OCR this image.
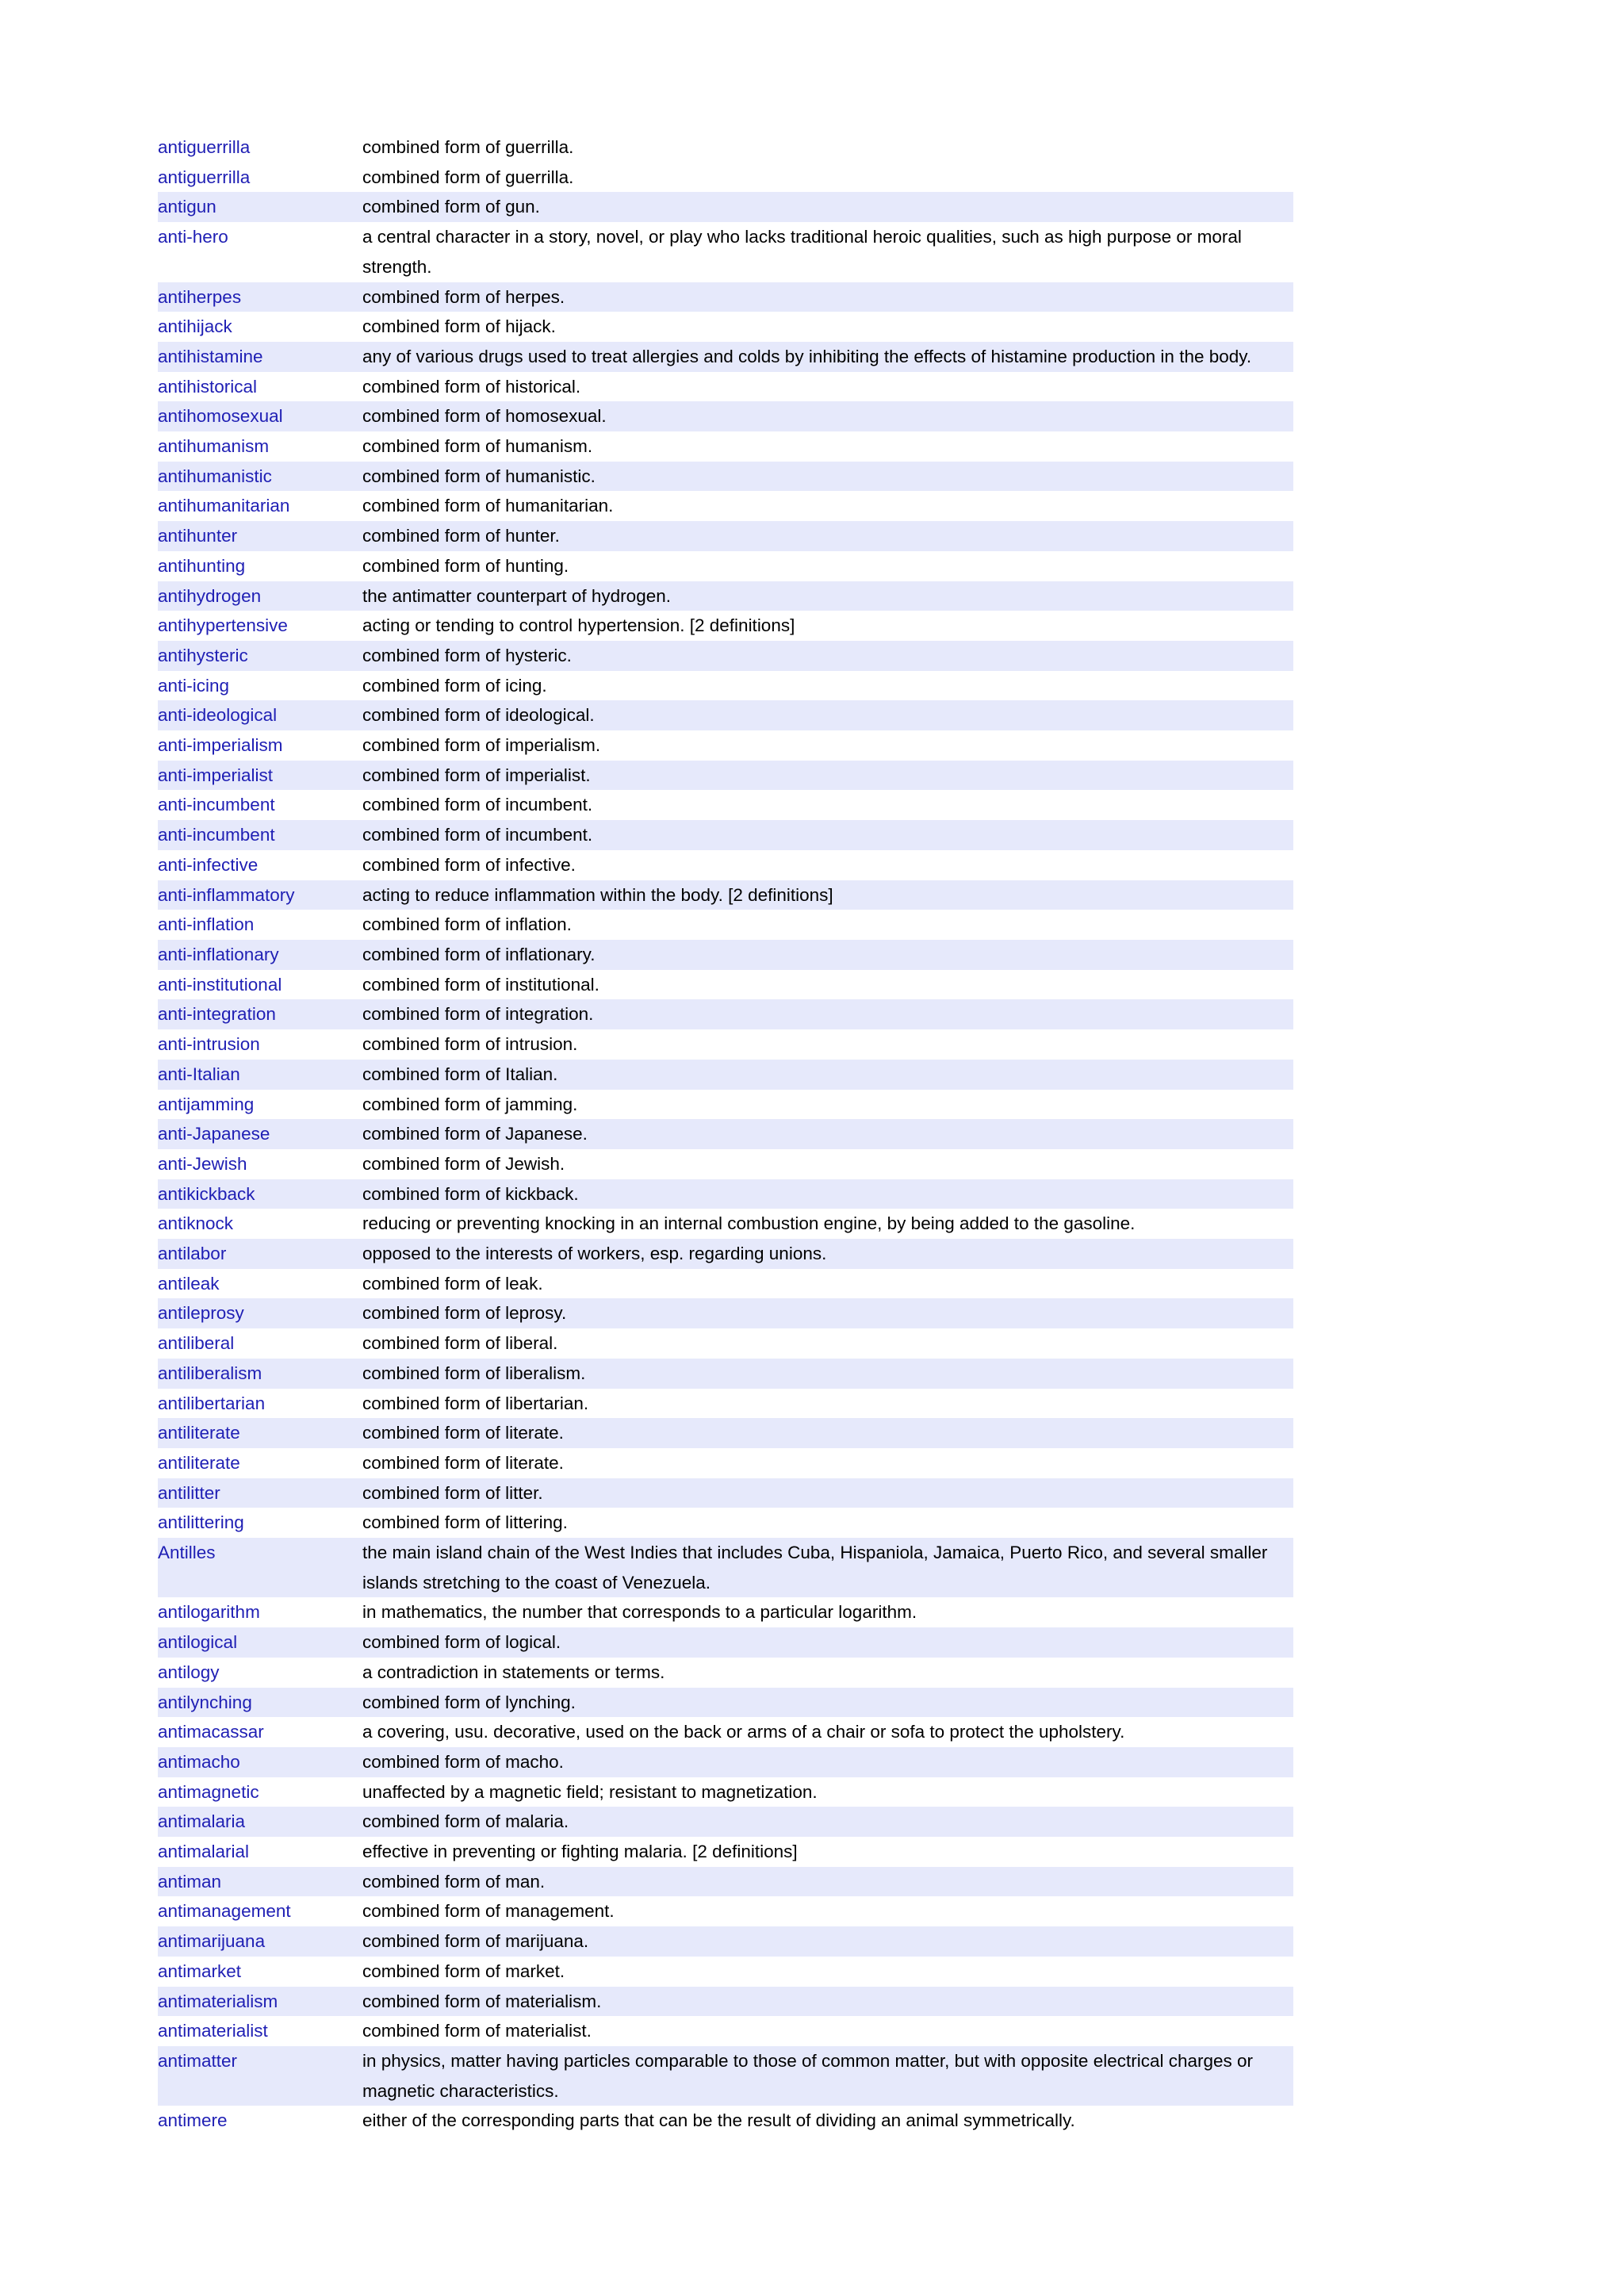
antiguerrilla	combined form of guerrilla.
antiguerrilla	combined form of guerrilla.
antigun	combined form of gun.
anti-hero	a central character in a story, novel, or play who lacks traditional heroic qualities, such as high purpose or moral strength.
antiherpes	combined form of herpes.
antihijack	combined form of hijack.
antihistamine	any of various drugs used to treat allergies and colds by inhibiting the effects of histamine production in the body.
antihistorical	combined form of historical.
antihomosexual	combined form of homosexual.
antihumanism	combined form of humanism.
antihumanistic	combined form of humanistic.
antihumanitarian	combined form of humanitarian.
antihunter	combined form of hunter.
antihunting	combined form of hunting.
antihydrogen	the antimatter counterpart of hydrogen.
antihypertensive	acting or tending to control hypertension. [2 definitions]
antihysteric	combined form of hysteric.
anti-icing	combined form of icing.
anti-ideological	combined form of ideological.
anti-imperialism	combined form of imperialism.
anti-imperialist	combined form of imperialist.
anti-incumbent	combined form of incumbent.
anti-incumbent	combined form of incumbent.
anti-infective	combined form of infective.
anti-inflammatory	acting to reduce inflammation within the body. [2 definitions]
anti-inflation	combined form of inflation.
anti-inflationary	combined form of inflationary.
anti-institutional	combined form of institutional.
anti-integration	combined form of integration.
anti-intrusion	combined form of intrusion.
anti-Italian	combined form of Italian.
antijamming	combined form of jamming.
anti-Japanese	combined form of Japanese.
anti-Jewish	combined form of Jewish.
antikickback	combined form of kickback.
antiknock	reducing or preventing knocking in an internal combustion engine, by being added to the gasoline.
antilabor	opposed to the interests of workers, esp. regarding unions.
antileak	combined form of leak.
antileprosy	combined form of leprosy.
antiliberal	combined form of liberal.
antiliberalism	combined form of liberalism.
antilibertarian	combined form of libertarian.
antiliterate	combined form of literate.
antiliterate	combined form of literate.
antilitter	combined form of litter.
antilittering	combined form of littering.
Antilles	the main island chain of the West Indies that includes Cuba, Hispaniola, Jamaica, Puerto Rico, and several smaller islands stretching to the coast of Venezuela.
antilogarithm	in mathematics, the number that corresponds to a particular logarithm.
antilogical	combined form of logical.
antilogy	a contradiction in statements or terms.
antilynching	combined form of lynching.
antimacassar	a covering, usu. decorative, used on the back or arms of a chair or sofa to protect the upholstery.
antimacho	combined form of macho.
antimagnetic	unaffected by a magnetic field; resistant to magnetization.
antimalaria	combined form of malaria.
antimalarial	effective in preventing or fighting malaria. [2 definitions]
antiman	combined form of man.
antimanagement	combined form of management.
antimarijuana	combined form of marijuana.
antimarket	combined form of market.
antimaterialism	combined form of materialism.
antimaterialist	combined form of materialist.
antimatter	in physics, matter having particles comparable to those of common matter, but with opposite electrical charges or magnetic characteristics.
antimere	either of the corresponding parts that can be the result of dividing an animal symmetrically.
